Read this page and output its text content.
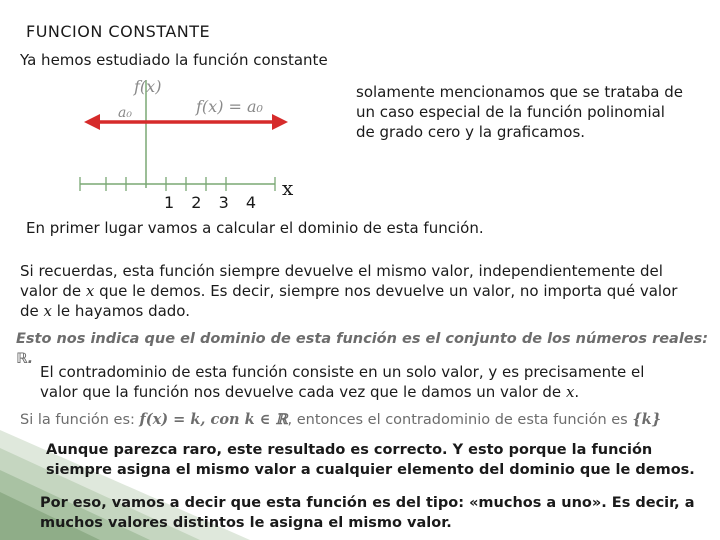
FUNCION CONSTANTE
Ya hemos estudiado la función constante
f(x)
a₀	f(x) = a₀
1 2 3 4
x
solamente mencionamos que se trataba de un caso especial de la función polinomial de grado cero y la graficamos.
En primer lugar vamos a calcular el dominio de esta función.
Si recuerdas, esta función siempre devuelve el mismo valor, independientemente del valor de x que le demos. Es decir, siempre nos devuelve un valor, no importa qué valor de x le hayamos dado.
Esto nos indica que el dominio de esta función es el conjunto de los números reales: ℝ.
El contradominio de esta función consiste en un solo valor, y es precisamente el valor que la función nos devuelve cada vez que le damos un valor de x.
Si la función es: f(x) = k, con k ∈ ℝ, entonces el contradominio de esta función es {k}
Aunque parezca raro, este resultado es correcto. Y esto porque la función
siempre asigna el mismo valor a cualquier elemento del dominio que le demos.
Por eso, vamos a decir que esta función es del tipo: «muchos a uno». Es decir, a muchos valores distintos le asigna el mismo valor.
